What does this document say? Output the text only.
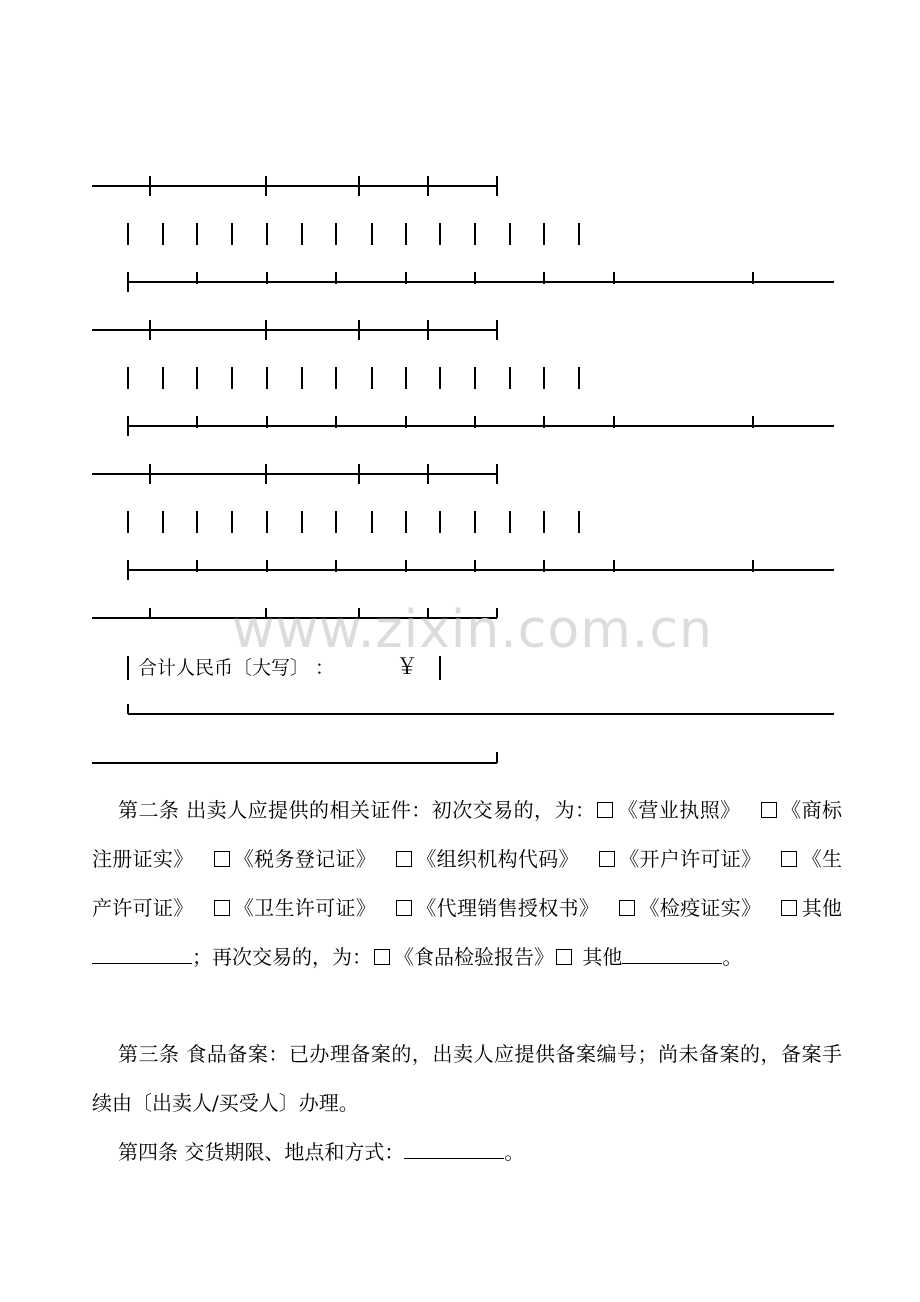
www.zixin.com.cn
合计人民币〔大写〕 ：	￥

第二条 出卖人应提供的相关证件：初次交易的，为： 《营业执照》 《商标注册证实》 《税务登记证》 《组织机构代码》 《开户许可证》 《生产许可证》 《卫生许可证》 《代理销售授权书》 《检疫证实》 其他；再次交易的，为： 《食品检验报告》 其他	。

第三条 食品备案：已办理备案的，出卖人应提供备案编号；尚未备案的，备案手续由〔出卖人/买受人〕办理。

第四条 交货期限、地点和方式：	。
